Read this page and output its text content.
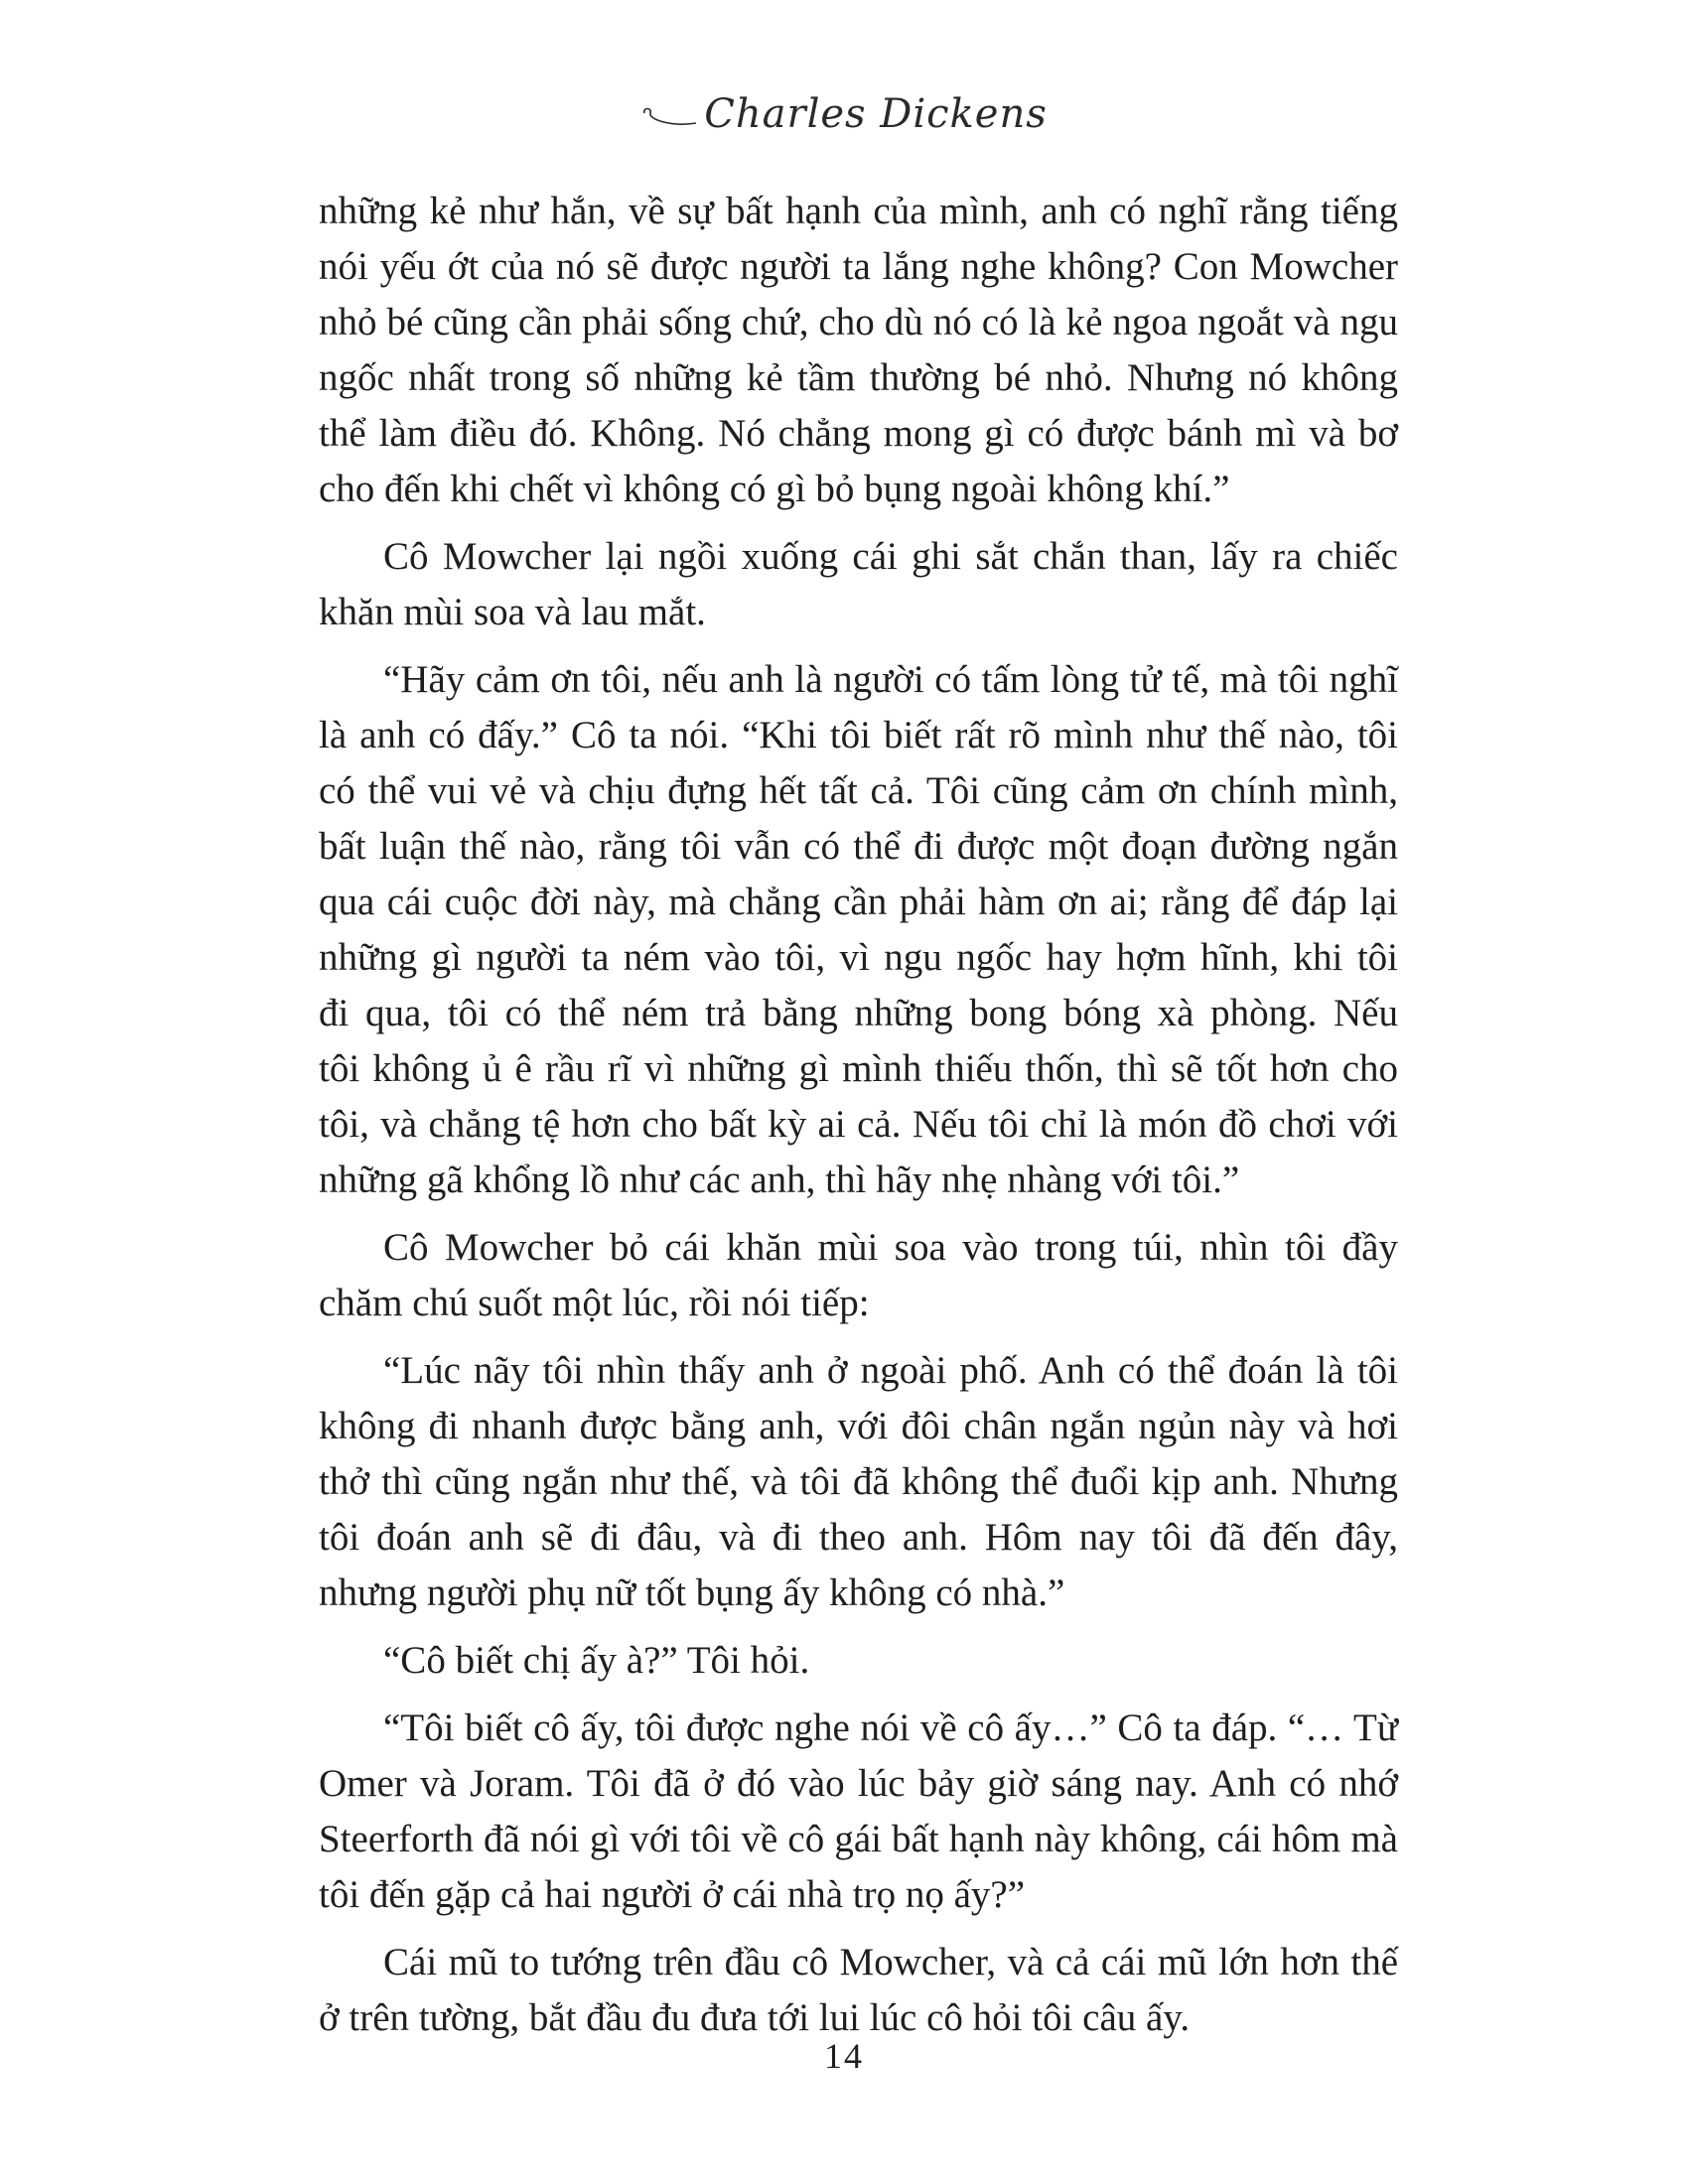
Charles Dickens
những kẻ như hắn, về sự bất hạnh của mình, anh có nghĩ rằng tiếng
nói yếu ớt của nó sẽ được người ta lắng nghe không? Con Mowcher
nhỏ bé cũng cần phải sống chứ, cho dù nó có là kẻ ngoa ngoắt và ngu
ngốc nhất trong số những kẻ tầm thường bé nhỏ. Nhưng nó không
thể làm điều đó. Không. Nó chẳng mong gì có được bánh mì và bơ
cho đến khi chết vì không có gì bỏ bụng ngoài không khí.”
Cô Mowcher lại ngồi xuống cái ghi sắt chắn than, lấy ra chiếc
khăn mùi soa và lau mắt.
“Hãy cảm ơn tôi, nếu anh là người có tấm lòng tử tế, mà tôi nghĩ
là anh có đấy.” Cô ta nói. “Khi tôi biết rất rõ mình như thế nào, tôi
có thể vui vẻ và chịu đựng hết tất cả. Tôi cũng cảm ơn chính mình,
bất luận thế nào, rằng tôi vẫn có thể đi được một đoạn đường ngắn
qua cái cuộc đời này, mà chẳng cần phải hàm ơn ai; rằng để đáp lại
những gì người ta ném vào tôi, vì ngu ngốc hay hợm hĩnh, khi tôi
đi qua, tôi có thể ném trả bằng những bong bóng xà phòng. Nếu
tôi không ủ ê rầu rĩ vì những gì mình thiếu thốn, thì sẽ tốt hơn cho
tôi, và chẳng tệ hơn cho bất kỳ ai cả. Nếu tôi chỉ là món đồ chơi với
những gã khổng lồ như các anh, thì hãy nhẹ nhàng với tôi.”
Cô Mowcher bỏ cái khăn mùi soa vào trong túi, nhìn tôi đầy
chăm chú suốt một lúc, rồi nói tiếp:
“Lúc nãy tôi nhìn thấy anh ở ngoài phố. Anh có thể đoán là tôi
không đi nhanh được bằng anh, với đôi chân ngắn ngủn này và hơi
thở thì cũng ngắn như thế, và tôi đã không thể đuổi kịp anh. Nhưng
tôi đoán anh sẽ đi đâu, và đi theo anh. Hôm nay tôi đã đến đây,
nhưng người phụ nữ tốt bụng ấy không có nhà.”
“Cô biết chị ấy à?” Tôi hỏi.
“Tôi biết cô ấy, tôi được nghe nói về cô ấy…” Cô ta đáp. “… Từ
Omer và Joram. Tôi đã ở đó vào lúc bảy giờ sáng nay. Anh có nhớ
Steerforth đã nói gì với tôi về cô gái bất hạnh này không, cái hôm mà
tôi đến gặp cả hai người ở cái nhà trọ nọ ấy?”
Cái mũ to tướng trên đầu cô Mowcher, và cả cái mũ lớn hơn thế
ở trên tường, bắt đầu đu đưa tới lui lúc cô hỏi tôi câu ấy.
14
